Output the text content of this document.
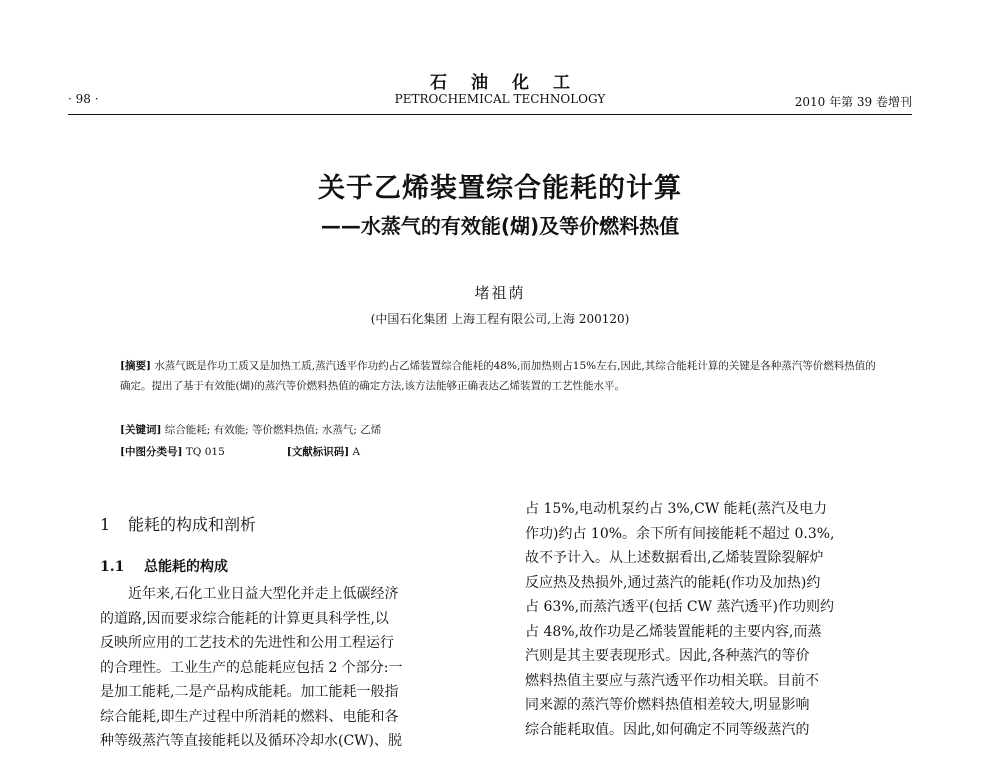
石油化工
PETROCHEMICAL TECHNOLOGY
· 98 ·	2010 年第 39 卷增刊
关于乙烯装置综合能耗的计算
——水蒸气的有效能(煳)及等价燃料热值
堵祖荫
(中国石化集团 上海工程有限公司,上海 200120)
[摘要] 水蒸气既是作功工质又是加热工质,蒸汽透平作功约占乙烯装置综合能耗的48%,而加热则占15%左右,因此,其综合能耗计算的关键是各种蒸汽等价燃料热值的确定。提出了基于有效能(煳)的蒸汽等价燃料热值的确定方法,该方法能够正确表达乙烯装置的工艺性能水平。
[关键词] 综合能耗; 有效能; 等价燃料热值; 水蒸气; 乙烯
[中图分类号] TQ 015	[文献标识码] A
1 能耗的构成和剖析
1.1 总能耗的构成
近年来,石化工业日益大型化并走上低碳经济
的道路,因而要求综合能耗的计算更具科学性,以
反映所应用的工艺技术的先进性和公用工程运行
的合理性。工业生产的总能耗应包括 2 个部分:一
是加工能耗,二是产品构成能耗。加工能耗一般指
综合能耗,即生产过程中所消耗的燃料、电能和各
种等级蒸汽等直接能耗以及循环冷却水(CW)、脱
占 15%,电动机泵约占 3%,CW 能耗(蒸汽及电力
作功)约占 10%。余下所有间接能耗不超过 0.3%,
故不予计入。从上述数据看出,乙烯装置除裂解炉
反应热及热损外,通过蒸汽的能耗(作功及加热)约
占 63%,而蒸汽透平(包括 CW 蒸汽透平)作功则约
占 48%,故作功是乙烯装置能耗的主要内容,而蒸
汽则是其主要表现形式。因此,各种蒸汽的等价
燃料热值主要应与蒸汽透平作功相关联。目前不
同来源的蒸汽等价燃料热值相差较大,明显影响
综合能耗取值。因此,如何确定不同等级蒸汽的
